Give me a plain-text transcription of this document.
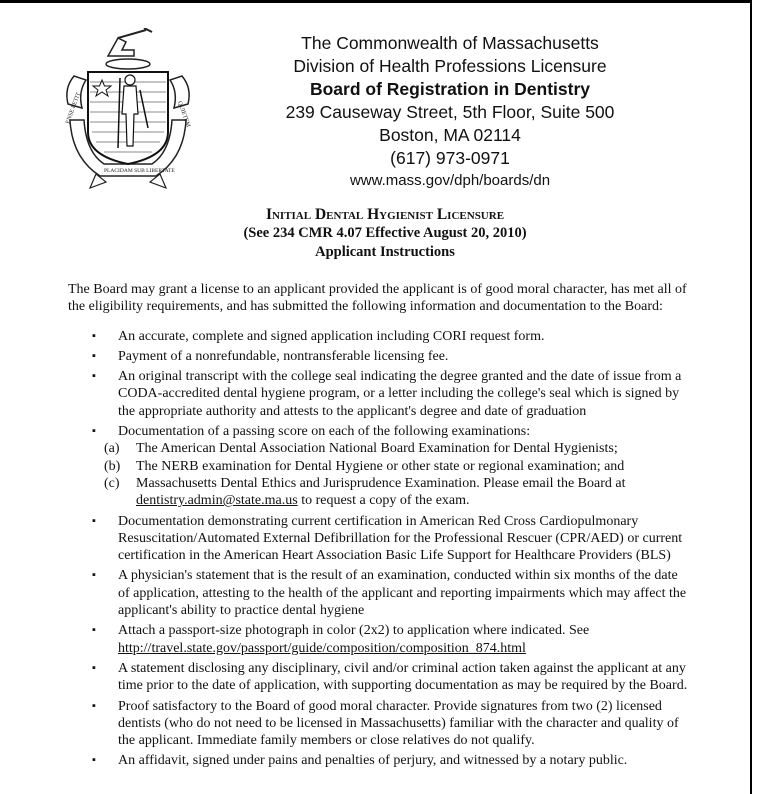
ENSE PETIT
PLACIDAM SUB LIBERTATE
QUIETEM
The Commonwealth of Massachusetts
Division of Health Professions Licensure
Board of Registration in Dentistry
239 Causeway Street, 5th Floor, Suite 500
Boston, MA 02114
(617) 973-0971
www.mass.gov/dph/boards/dn
Initial Dental Hygienist Licensure
(See 234 CMR 4.07 Effective August 20, 2010)
Applicant Instructions

The Board may grant a license to an applicant provided the applicant is of good moral character, has met all of the eligibility requirements, and has submitted the following information and documentation to the Board:

▪ An accurate, complete and signed application including CORI request form.
▪ Payment of a nonrefundable, nontransferable licensing fee.
▪ An original transcript with the college seal indicating the degree granted and the date of issue from a CODA-accredited dental hygiene program, or a letter including the college's seal which is signed by the appropriate authority and attests to the applicant's degree and date of graduation
▪ Documentation of a passing score on each of the following examinations:
(a) The American Dental Association National Board Examination for Dental Hygienists;
(b) The NERB examination for Dental Hygiene or other state or regional examination; and
(c) Massachusetts Dental Ethics and Jurisprudence Examination. Please email the Board at
dentistry.admin@state.ma.us to request a copy of the exam.
▪ Documentation demonstrating current certification in American Red Cross Cardiopulmonary Resuscitation/Automated External Defibrillation for the Professional Rescuer (CPR/AED) or current certification in the American Heart Association Basic Life Support for Healthcare Providers (BLS)
▪ A physician's statement that is the result of an examination, conducted within six months of the date of application, attesting to the health of the applicant and reporting impairments which may affect the applicant's ability to practice dental hygiene
▪ Attach a passport-size photograph in color (2x2) to application where indicated. See
http://travel.state.gov/passport/guide/composition/composition_874.html
▪ A statement disclosing any disciplinary, civil and/or criminal action taken against the applicant at any time prior to the date of application, with supporting documentation as may be required by the Board.
▪ Proof satisfactory to the Board of good moral character. Provide signatures from two (2) licensed dentists (who do not need to be licensed in Massachusetts) familiar with the character and quality of the applicant. Immediate family members or close relatives do not qualify.
▪ An affidavit, signed under pains and penalties of perjury, and witnessed by a notary public.
